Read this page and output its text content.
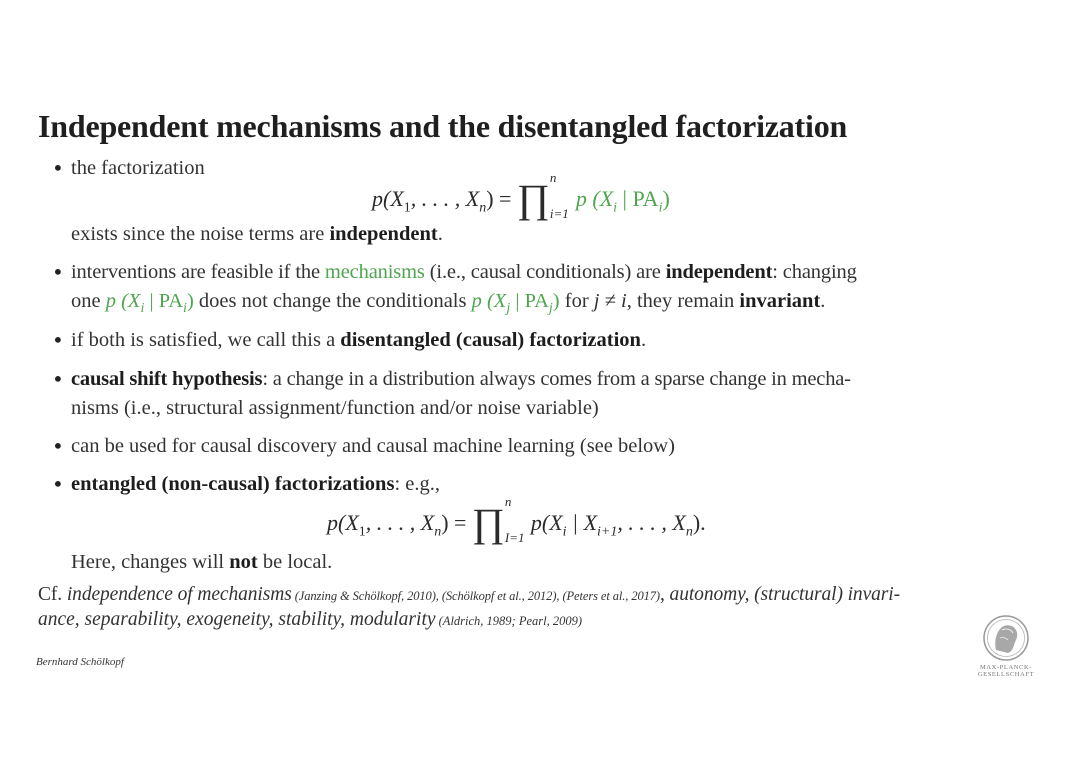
Independent mechanisms and the disentangled factorization
• the factorization
$p(X_1$, . . . , $X_n$) = ∏ n
i=1
p ($X_i$ | $PA_i$)
exists since the noise terms are independent.
• interventions are feasible if the mechanisms (i.e., causal conditionals) are independent: changing
one p ($X_i$ | $PA_i$) does not change the conditionals p ($X_j$ | $PA_j$) for j ≠ i, they remain invariant.
• if both is satisfied, we call this a disentangled (causal) factorization.
• causal shift hypothesis: a change in a distribution always comes from a sparse change in mecha-
nisms (i.e., structural assignment/function and/or noise variable)
• can be used for causal discovery and causal machine learning (see below)
• entangled (non-causal) factorizations: e.g.,
$p(X_1$, . . . , $X_n$) = ∏ n
I=1
$p(X_i$ | $X_{i+1}$, . . . , $X_n$).
Here, changes will not be local.
Cf. independence of mechanisms (Janzing & Schölkopf, 2010), (Schölkopf et al., 2012), (Peters et al., 2017), autonomy, (structural) invari-
ance, separability, exogeneity, stability, modularity (Aldrich, 1989; Pearl, 2009)
Bernhard Schölkopf	MAX-PLANCK-GESELLSCHAFT
